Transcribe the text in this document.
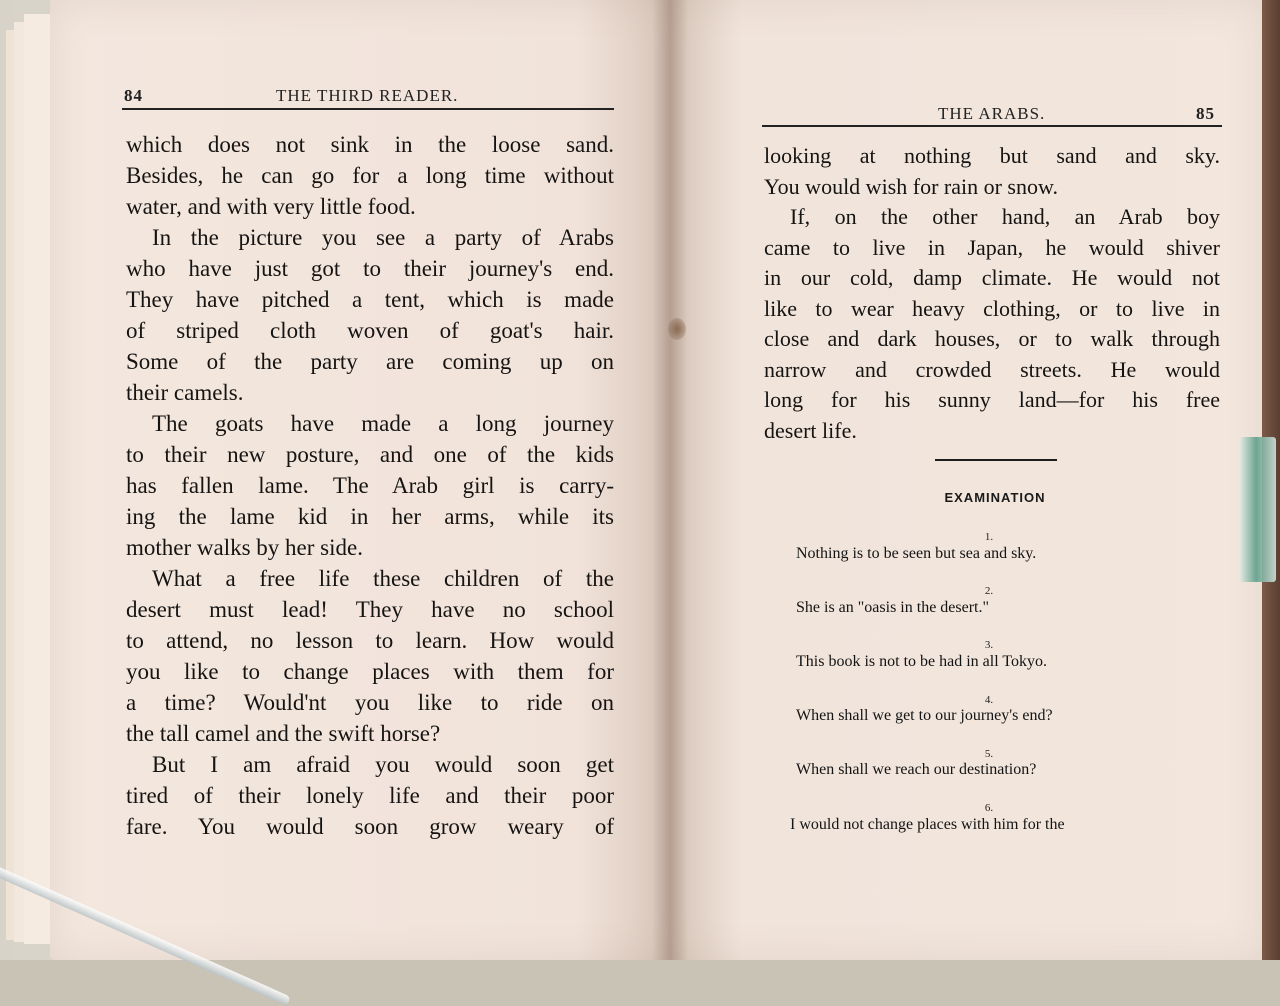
84	THE THIRD READER.
which does not sink in the loose sand.
Besides, he can go for a long time without
water, and with very little food.
In the picture you see a party of Arabs
who have just got to their journey's end.
They have pitched a tent, which is made
of striped cloth woven of goat's hair.
Some of the party are coming up on
their camels.
The goats have made a long journey
to their new posture, and one of the kids
has fallen lame. The Arab girl is carry-
ing the lame kid in her arms, while its
mother walks by her side.
What a free life these children of the
desert must lead! They have no school
to attend, no lesson to learn. How would
you like to change places with them for
a time? Would'nt you like to ride on
the tall camel and the swift horse?
But I am afraid you would soon get
tired of their lonely life and their poor
fare. You would soon grow weary of
THE ARABS.	85
looking at nothing but sand and sky.
You would wish for rain or snow.
If, on the other hand, an Arab boy
came to live in Japan, he would shiver
in our cold, damp climate. He would not
like to wear heavy clothing, or to live in
close and dark houses, or to walk through
narrow and crowded streets. He would
long for his sunny land—for his free
desert life.
EXAMINATION
1.
Nothing is to be seen but sea and sky.
2.
She is an "oasis in the desert."
3.
This book is not to be had in all Tokyo.
4.
When shall we get to our journey's end?
5.
When shall we reach our destination?
6.
I would not change places with him for the
